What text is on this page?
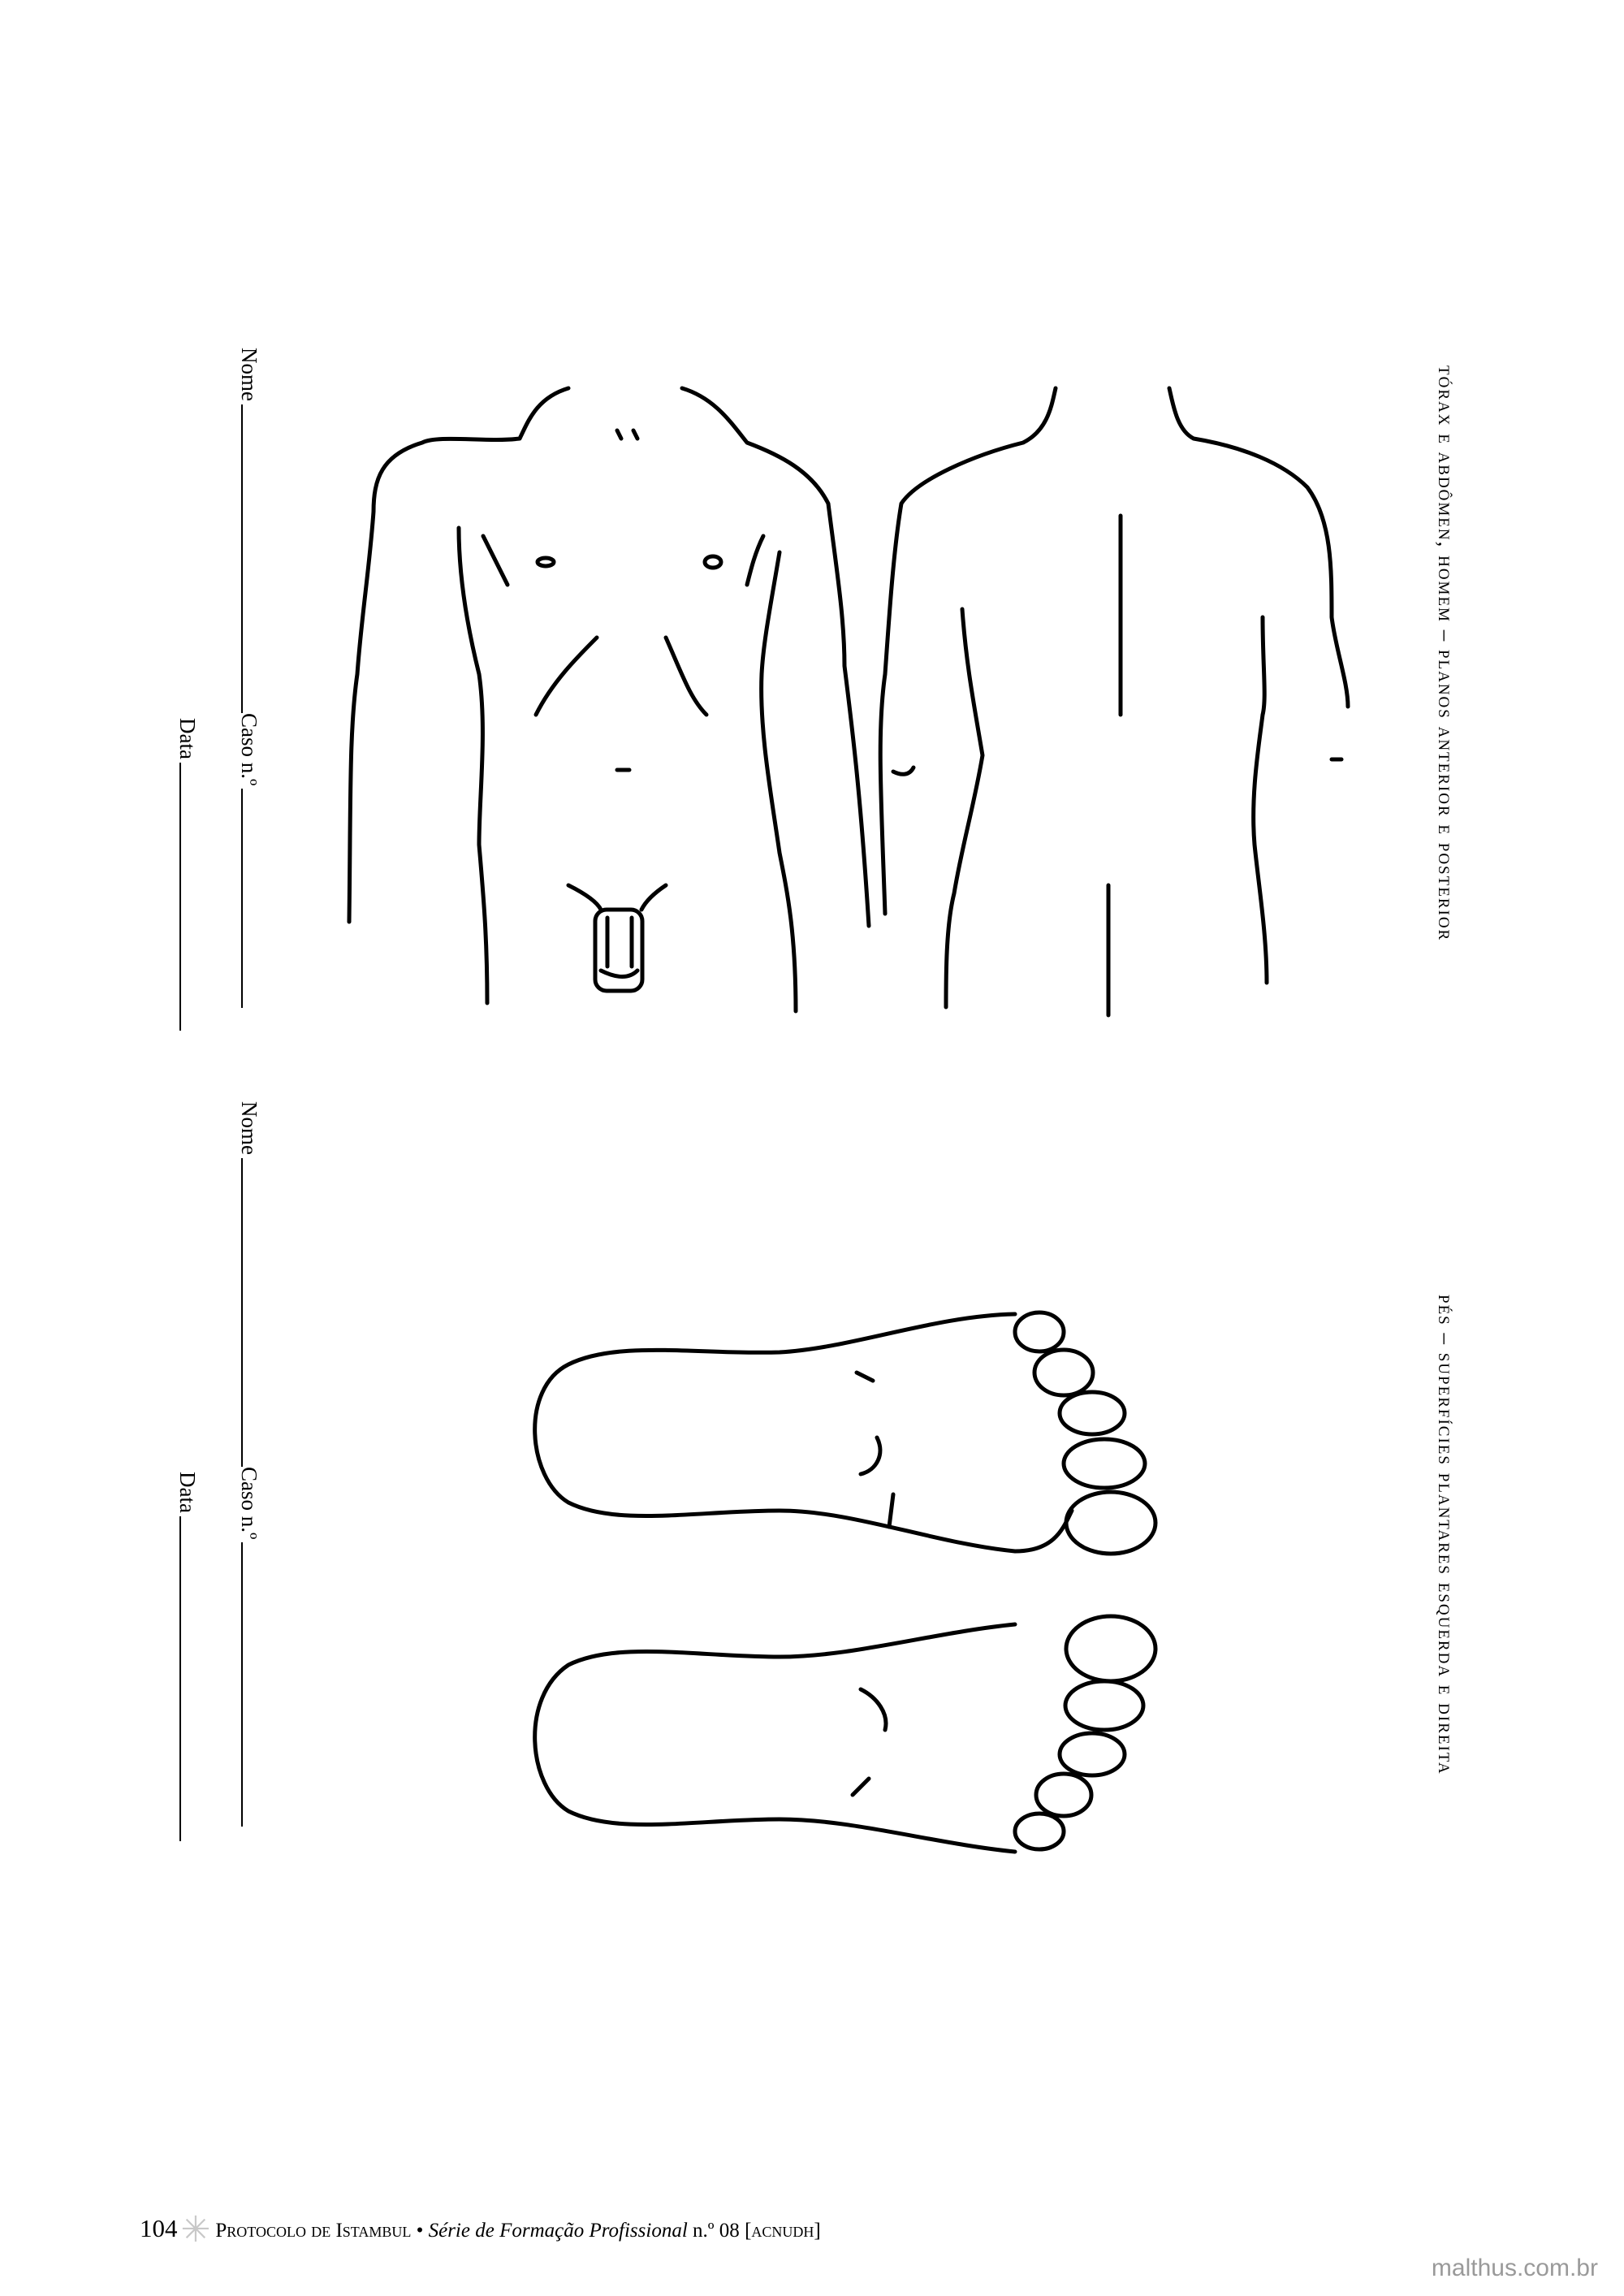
tórax e abdômen, homem – planos anterior e posterior
pés – superfícies plantares esquerda e direita
Nome
Caso n.º
Data
Nome
Caso n.º
Data
104✳ Protocolo de Istambul • Série de Formação Profissional n.º 08 [acnudh]
malthus.com.br
